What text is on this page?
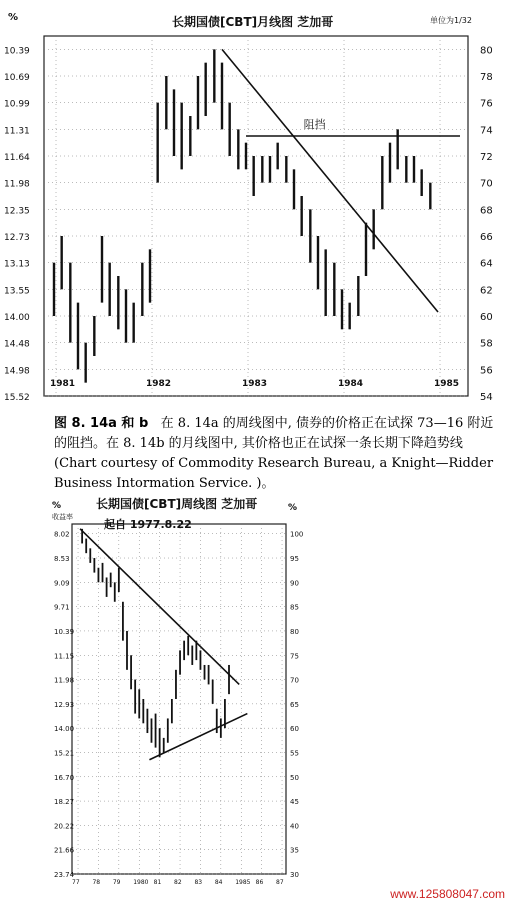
长期国债[CBT]月线图 芝加哥	单位为1/32
%
80
10.39
78
10.69
76
10.99
74
11.31
72
11.64
70
11.98
68
12.35
66
12.73
64
13.13
62
13.55
60
14.00
58
14.48
56
14.98
54
15.52
1981	1982	1983	1984	1985
阻挡
图 8. 14a 和 b 在 8. 14a 的周线图中, 债券的价格正在试探 73—16 附近的阻挡。在 8. 14b 的月线图中, 其价格也正在试探一条长期下降趋势线(Chart courtesy of Commodity Research Bureau, a Knight—Ridder Business Intormation Service. )。
长期国债[CBT]周线图 芝加哥
起自 1977.8.22
%
收益率
%
100
8.02
95
8.53
90
9.09
85
9.71
80
10.39
75
11.15
70
11.98
65
12.93
60
14.00
55
15.21
50
16.70
45
18.27
40
20.22
35
21.66
30
23.74
77 78 79 1980 81 82 83 84 1985 86 87
www.125808047.com
